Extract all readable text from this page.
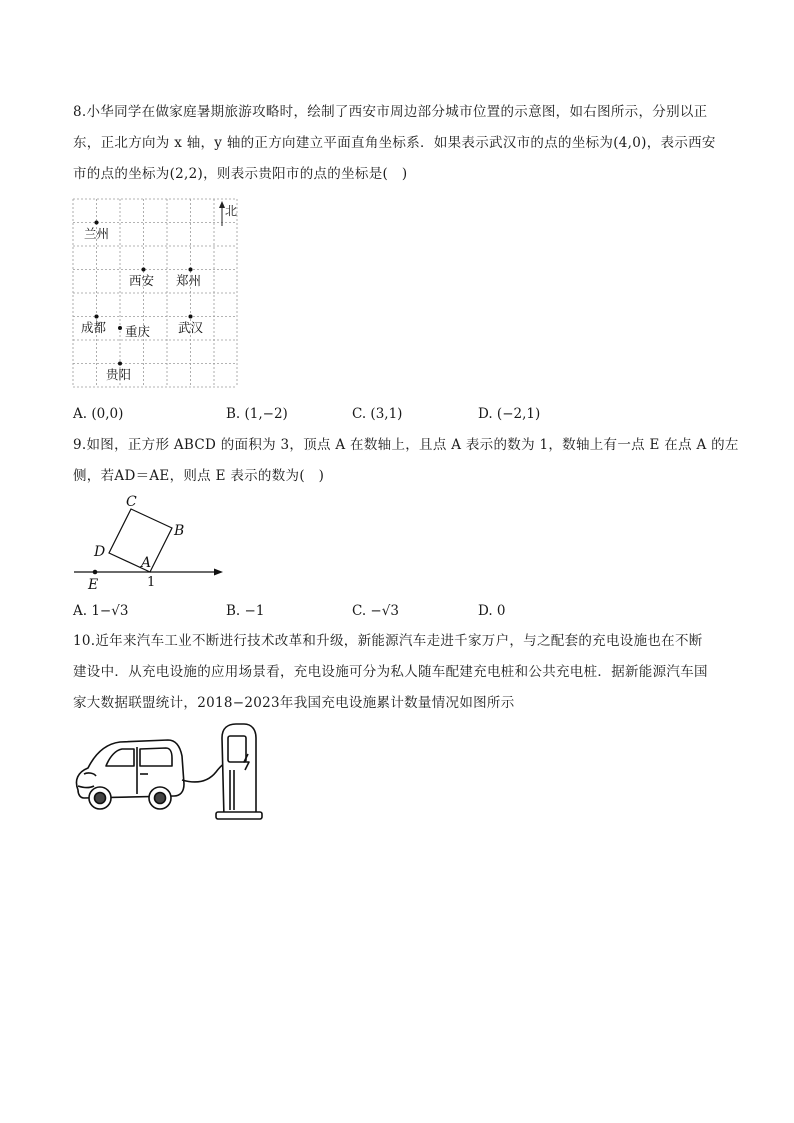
8.小华同学在做家庭暑期旅游攻略时，绘制了西安市周边部分城市位置的示意图，如右图所示，分别以正
东，正北方向为 x 轴，y 轴的正方向建立平面直角坐标系．如果表示武汉市的点的坐标为(4,0)，表示西安
市的点的坐标为(2,2)，则表示贵阳市的点的坐标是(　)
北
兰州
西安 郑州
成都 重庆 武汉
贵阳
A. (0,0)	B. (1,−2)	C. (3,1)	D. (−2,1)
9.如图，正方形 ABCD 的面积为 3，顶点 A 在数轴上，且点 A 表示的数为 1，数轴上有一点 E 在点 A 的左
侧，若AD＝AE，则点 E 表示的数为(　)
C
B
D
A
E	1
A. 1−√3	B. −1	C. −√3	D. 0
10.近年来汽车工业不断进行技术改革和升级，新能源汽车走进千家万户，与之配套的充电设施也在不断
建设中．从充电设施的应用场景看，充电设施可分为私人随车配建充电桩和公共充电桩．据新能源汽车国
家大数据联盟统计，2018−2023年我国充电设施累计数量情况如图所示
